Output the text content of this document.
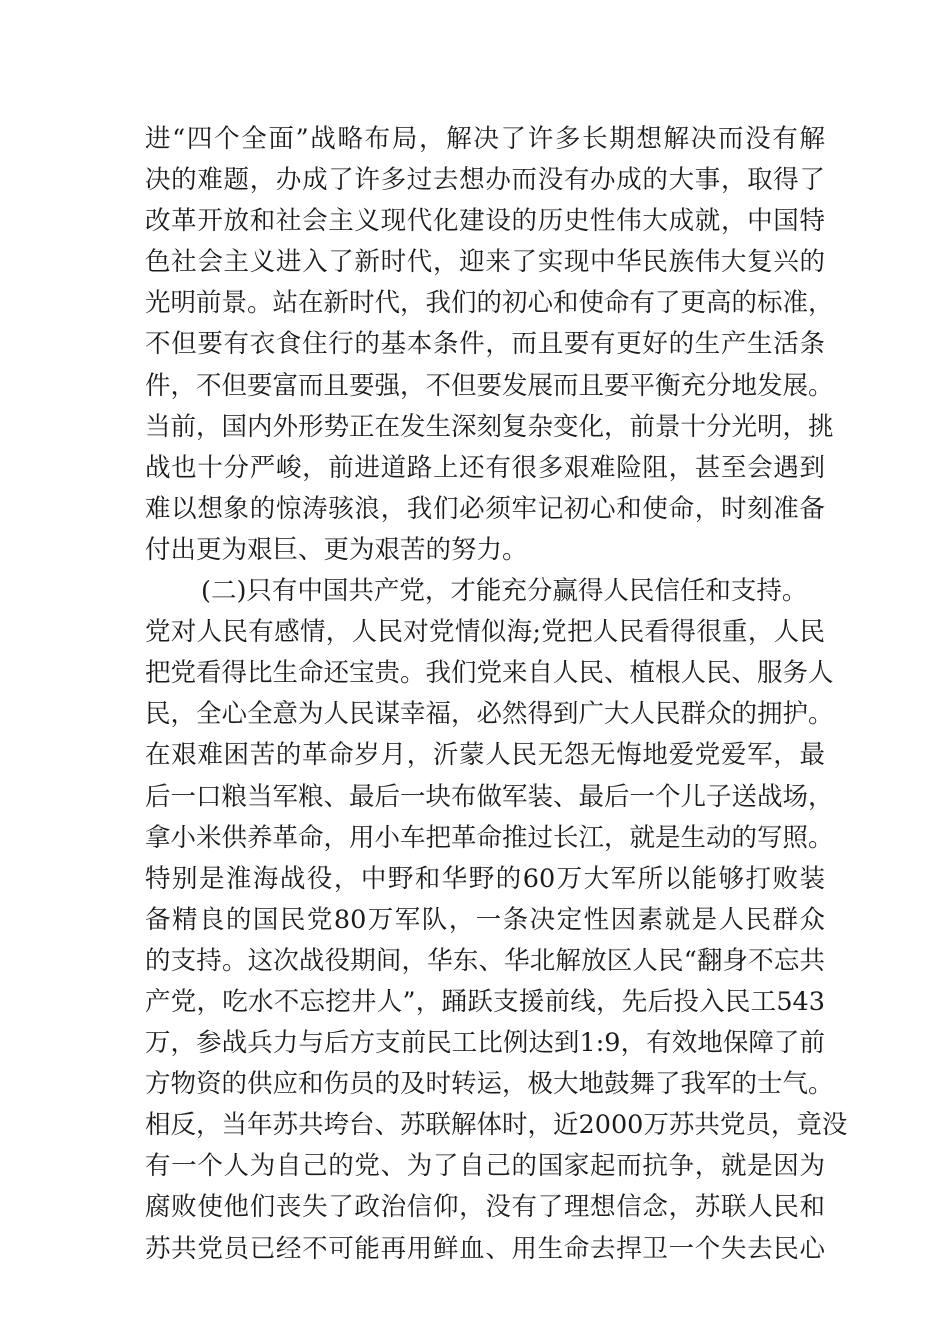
进“四个全面”战略布局，解决了许多长期想解决而没有解
决的难题，办成了许多过去想办而没有办成的大事，取得了
改革开放和社会主义现代化建设的历史性伟大成就，中国特
色社会主义进入了新时代，迎来了实现中华民族伟大复兴的
光明前景。站在新时代，我们的初心和使命有了更高的标准，
不但要有衣食住行的基本条件，而且要有更好的生产生活条
件，不但要富而且要强，不但要发展而且要平衡充分地发展。
当前，国内外形势正在发生深刻复杂变化，前景十分光明，挑
战也十分严峻，前进道路上还有很多艰难险阻，甚至会遇到
难以想象的惊涛骇浪，我们必须牢记初心和使命，时刻准备
付出更为艰巨、更为艰苦的努力。
(二)只有中国共产党，才能充分赢得人民信任和支持。
党对人民有感情，人民对党情似海;党把人民看得很重，人民
把党看得比生命还宝贵。我们党来自人民、植根人民、服务人
民，全心全意为人民谋幸福，必然得到广大人民群众的拥护。
在艰难困苦的革命岁月，沂蒙人民无怨无悔地爱党爱军，最
后一口粮当军粮、最后一块布做军装、最后一个儿子送战场，
拿小米供养革命，用小车把革命推过长江，就是生动的写照。
特别是淮海战役，中野和华野的60万大军所以能够打败装
备精良的国民党80万军队，一条决定性因素就是人民群众
的支持。这次战役期间，华东、华北解放区人民“翻身不忘共
产党，吃水不忘挖井人”，踊跃支援前线，先后投入民工543
万，参战兵力与后方支前民工比例达到1:9，有效地保障了前
方物资的供应和伤员的及时转运，极大地鼓舞了我军的士气。
相反，当年苏共垮台、苏联解体时，近2000万苏共党员，竟没
有一个人为自己的党、为了自己的国家起而抗争，就是因为
腐败使他们丧失了政治信仰，没有了理想信念，苏联人民和
苏共党员已经不可能再用鲜血、用生命去捍卫一个失去民心
